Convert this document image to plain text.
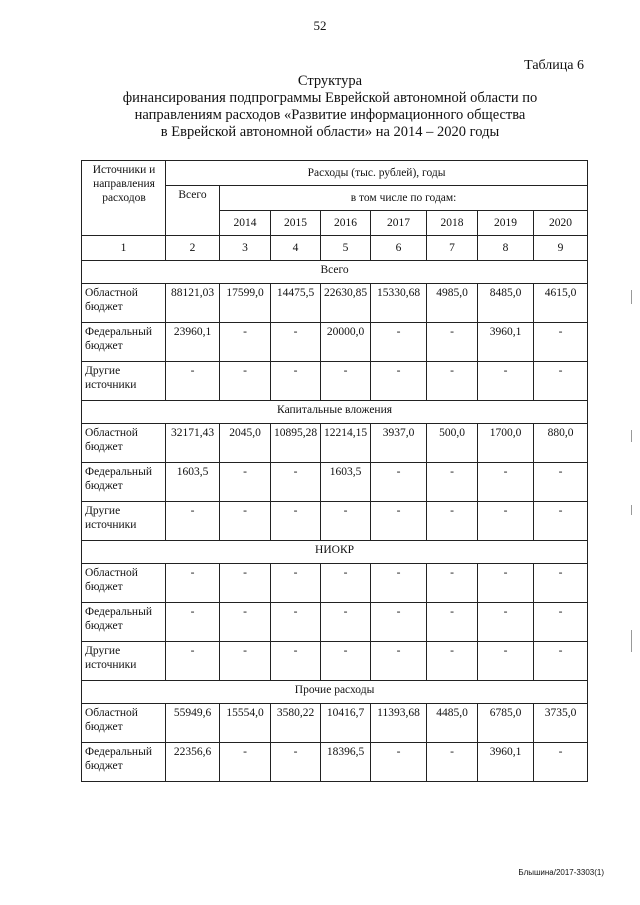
52
Таблица 6
Структура
финансирования подпрограммы Еврейской автономной области по
направлениям расходов «Развитие информационного общества
в Еврейской автономной области» на 2014 – 2020 годы
Источники и направления расходов	Расходы (тыс. рублей), годы							
	Всего	в том числе по годам:						
		2014	2015	2016	2017	2018	2019	2020
1	2	3	4	5	6	7	8	9
Всего								
Областной бюджет	88121,03	17599,0	14475,5	22630,85	15330,68	4985,0	8485,0	4615,0
Федеральный бюджет	23960,1	-	-	20000,0	-	-	3960,1	-
Другие источники	-	-	-	-	-	-	-	-
Капитальные вложения								
Областной бюджет	32171,43	2045,0	10895,28	12214,15	3937,0	500,0	1700,0	880,0
Федеральный бюджет	1603,5	-	-	1603,5	-	-	-	-
Другие источники	-	-	-	-	-	-	-	-
НИОКР								
Областной бюджет	-	-	-	-	-	-	-	-
Федеральный бюджет	-	-	-	-	-	-	-	-
Другие источники	-	-	-	-	-	-	-	-
Прочие расходы								
Областной бюджет	55949,6	15554,0	3580,22	10416,7	11393,68	4485,0	6785,0	3735,0
Федеральный бюджет	22356,6	-	-	18396,5	-	-	3960,1	-
Блышина/2017-3303(1)
